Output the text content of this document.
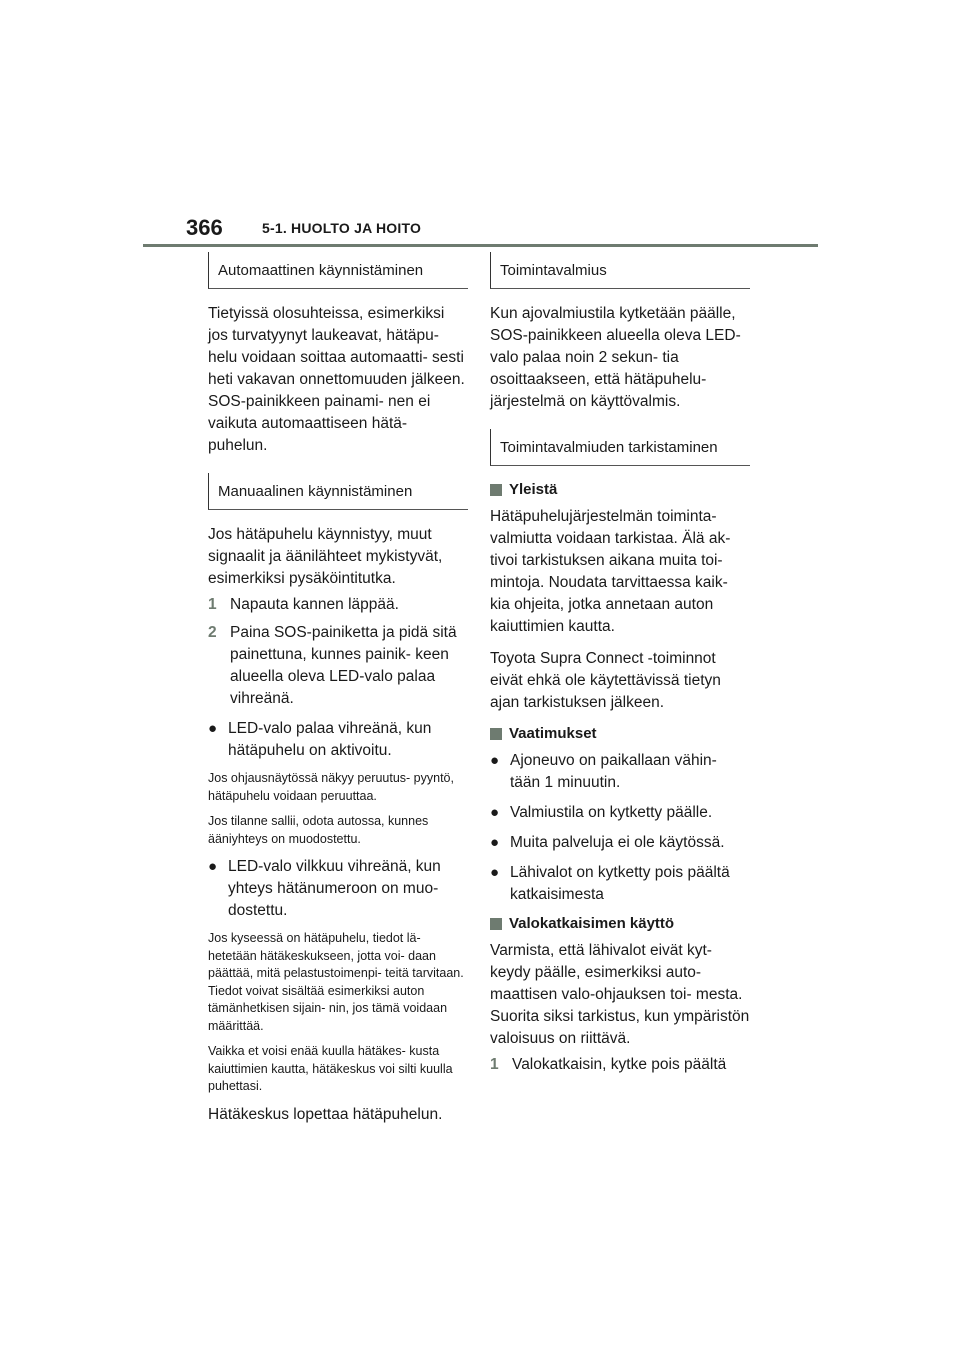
366	5-1. HUOLTO JA HOITO
Automaattinen käynnistäminen

Tietyissä olosuhteissa, esimerkiksi jos turvatyynyt laukeavat, hätäpu- helu voidaan soittaa automaatti- sesti heti vakavan onnettomuuden jälkeen. SOS-painikkeen painami- nen ei vaikuta automaattiseen hätä- puhelun.

Manuaalinen käynnistäminen

Jos hätäpuhelu käynnistyy, muut signaalit ja äänilähteet mykistyvät, esimerkiksi pysäköintitutka.

1 Napauta kannen läppää.
2 Paina SOS-painiketta ja pidä sitä painettuna, kunnes painik- keen alueella oleva LED-valo palaa vihreänä.
● LED-valo palaa vihreänä, kun hätäpuhelu on aktivoitu.

Jos ohjausnäytössä näkyy peruutus- pyyntö, hätäpuhelu voidaan peruuttaa.

Jos tilanne sallii, odota autossa, kunnes ääniyhteys on muodostettu.

● LED-valo vilkkuu vihreänä, kun yhteys hätänumeroon on muo- dostettu.

Jos kyseessä on hätäpuhelu, tiedot lä- hetetään hätäkeskukseen, jotta voi- daan päättää, mitä pelastustoimenpi- teitä tarvitaan. Tiedot voivat sisältää esimerkiksi auton tämänhetkisen sijain- nin, jos tämä voidaan määrittää.

Vaikka et voisi enää kuulla hätäkes- kusta kaiuttimien kautta, hätäkeskus voi silti kuulla puhettasi.

Hätäkeskus lopettaa hätäpuhelun.

Toimintavalmius

Kun ajovalmiustila kytketään päälle, SOS-painikkeen alueella oleva LED-valo palaa noin 2 sekun- tia osoittaakseen, että hätäpuhelu- järjestelmä on käyttövalmis.

Toimintavalmiuden tarkistaminen
Yleistä

Hätäpuhelujärjestelmän toiminta- valmiutta voidaan tarkistaa. Älä ak- tivoi tarkistuksen aikana muita toi- mintoja. Noudata tarvittaessa kaik- kia ohjeita, jotka annetaan auton kaiuttimien kautta.

Toyota Supra Connect -toiminnot eivät ehkä ole käytettävissä tietyn ajan tarkistuksen jälkeen.

Vaatimukset
● Ajoneuvo on paikallaan vähin- tään 1 minuutin.
● Valmiustila on kytketty päälle.
● Muita palveluja ei ole käytössä.
● Lähivalot on kytketty pois päältä katkaisimesta
Valokatkaisimen käyttö

Varmista, että lähivalot eivät kyt- keydy päälle, esimerkiksi auto- maattisen valo-ohjauksen toi- mesta. Suorita siksi tarkistus, kun ympäristön valoisuus on riittävä.

1 Valokatkaisin, kytke pois päältä
